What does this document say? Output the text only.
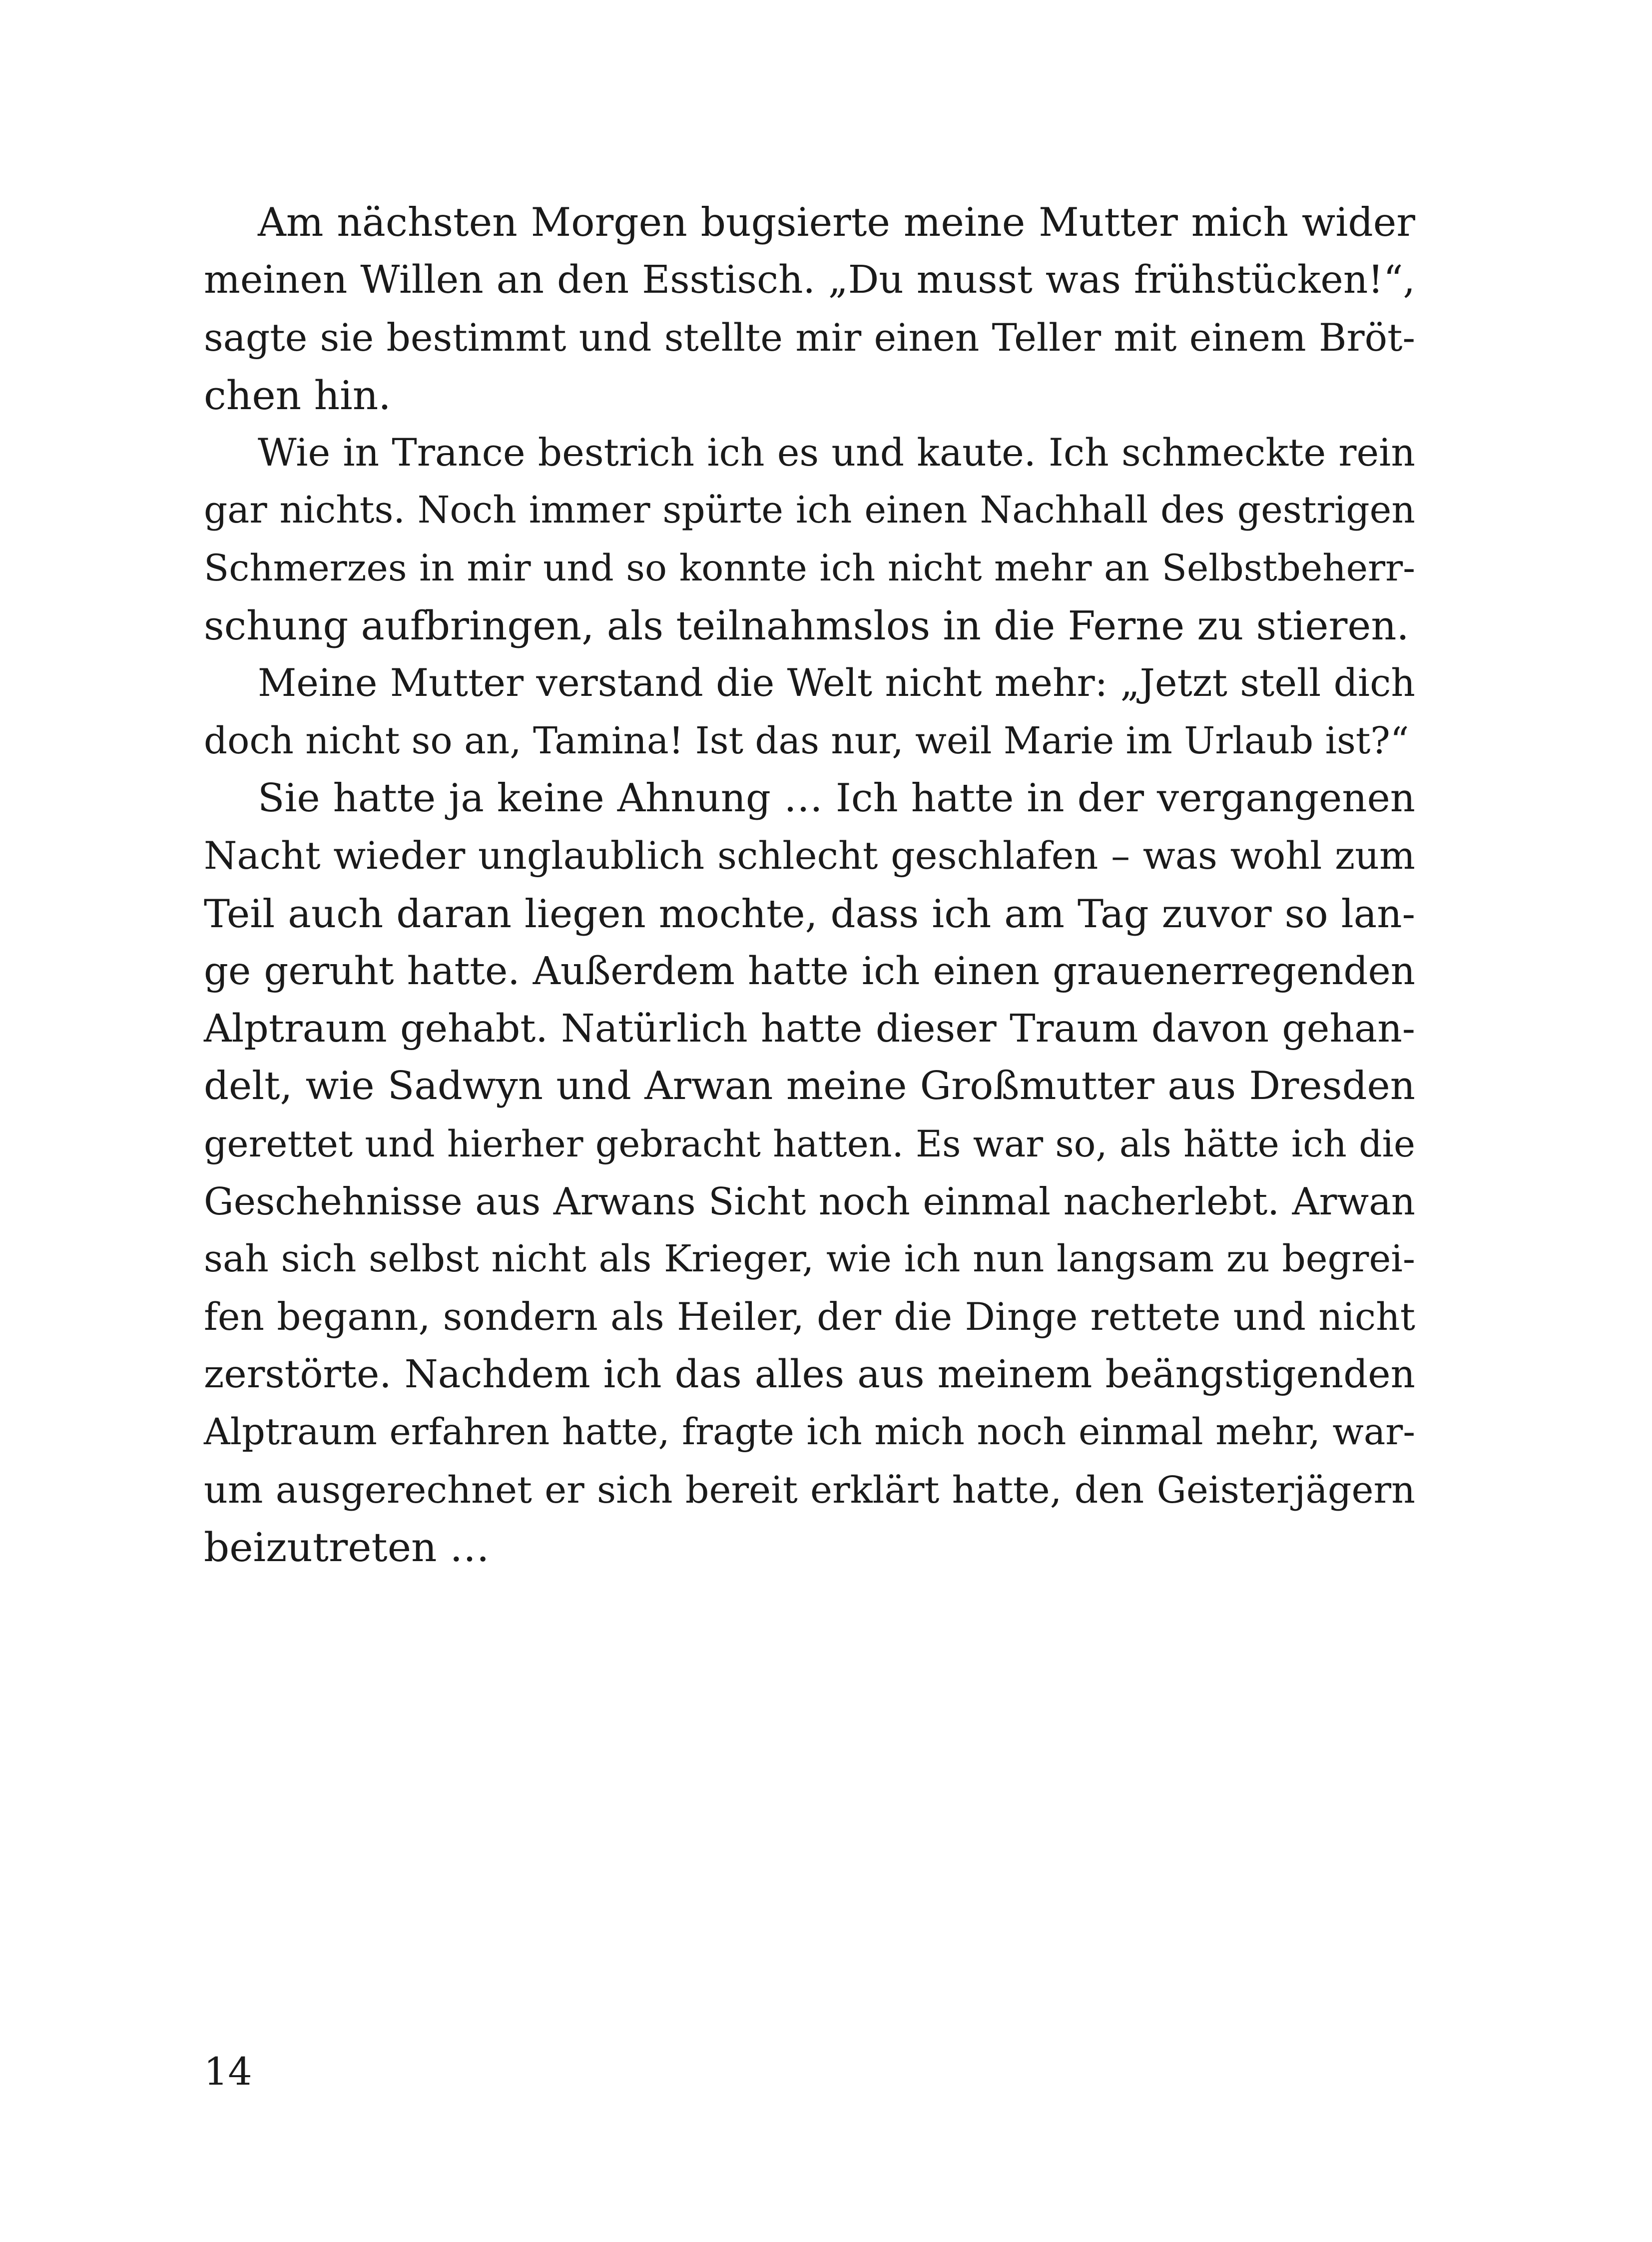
Am nächsten Morgen bugsierte meine Mutter mich wider
meinen Willen an den Esstisch. „Du musst was frühstücken!“,
sagte sie bestimmt und stellte mir einen Teller mit einem Bröt-
chen hin.
Wie in Trance bestrich ich es und kaute. Ich schmeckte rein
gar nichts. Noch immer spürte ich einen Nachhall des gestrigen
Schmerzes in mir und so konnte ich nicht mehr an Selbstbeherr-
schung aufbringen, als teilnahmslos in die Ferne zu stieren.
Meine Mutter verstand die Welt nicht mehr: „Jetzt stell dich
doch nicht so an, Tamina! Ist das nur, weil Marie im Urlaub ist?“
Sie hatte ja keine Ahnung … Ich hatte in der vergangenen
Nacht wieder unglaublich schlecht geschlafen – was wohl zum
Teil auch daran liegen mochte, dass ich am Tag zuvor so lan-
ge geruht hatte. Außerdem hatte ich einen grauenerregenden
Alptraum gehabt. Natürlich hatte dieser Traum davon gehan-
delt, wie Sadwyn und Arwan meine Großmutter aus Dresden
gerettet und hierher gebracht hatten. Es war so, als hätte ich die
Geschehnisse aus Arwans Sicht noch einmal nacherlebt. Arwan
sah sich selbst nicht als Krieger, wie ich nun langsam zu begrei-
fen begann, sondern als Heiler, der die Dinge rettete und nicht
zerstörte. Nachdem ich das alles aus meinem beängstigenden
Alptraum erfahren hatte, fragte ich mich noch einmal mehr, war-
um ausgerechnet er sich bereit erklärt hatte, den Geisterjägern
beizutreten …
14
